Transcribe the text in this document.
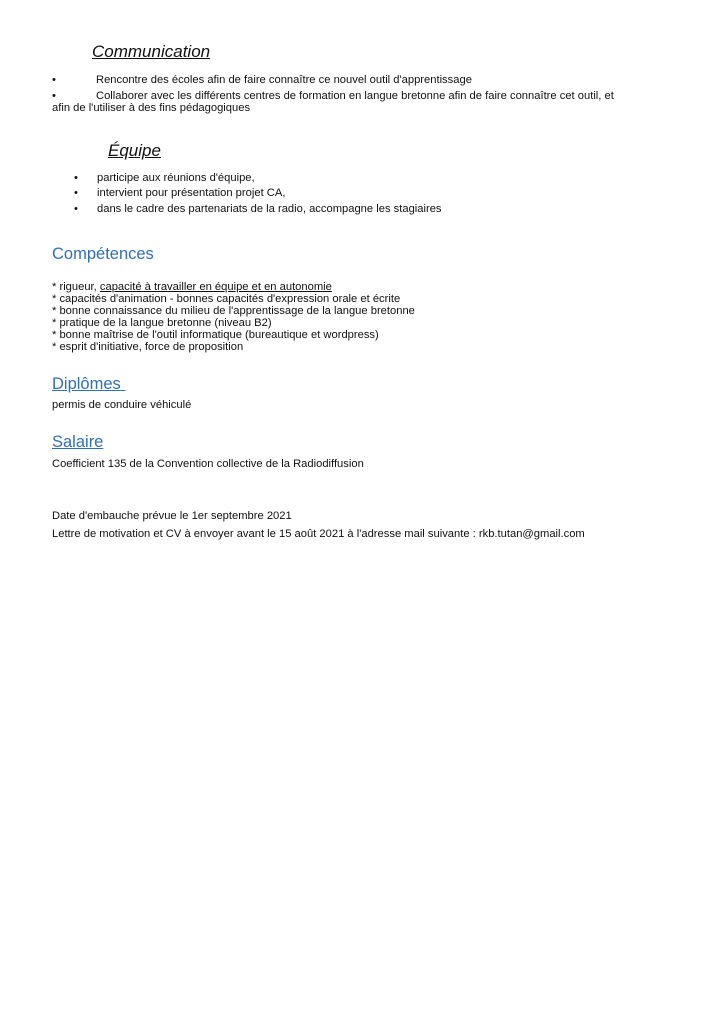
Communication
•	Rencontre des écoles afin de faire connaître ce nouvel outil d'apprentissage
•	Collaborer avec les différents centres de formation en langue bretonne afin de faire connaître cet outil, et
afin de l'utiliser à des fins pédagogiques
Équipe
• participe aux réunions d'équipe,
• intervient pour présentation projet CA,
• dans le cadre des partenariats de la radio, accompagne les stagiaires
Compétences
* rigueur, capacité à travailler en équipe et en autonomie
* capacités d'animation - bonnes capacités d'expression orale et écrite
* bonne connaissance du milieu de l'apprentissage de la langue bretonne
* pratique de la langue bretonne (niveau B2)
* bonne maîtrise de l'outil informatique (bureautique et wordpress)
* esprit d'initiative, force de proposition
Diplômes
permis de conduire véhiculé
Salaire
Coefficient 135 de la Convention collective de la Radiodiffusion
Date d'embauche prévue le 1er septembre 2021
Lettre de motivation et CV à envoyer avant le 15 août 2021 à l'adresse mail suivante : rkb.tutan@gmail.com
